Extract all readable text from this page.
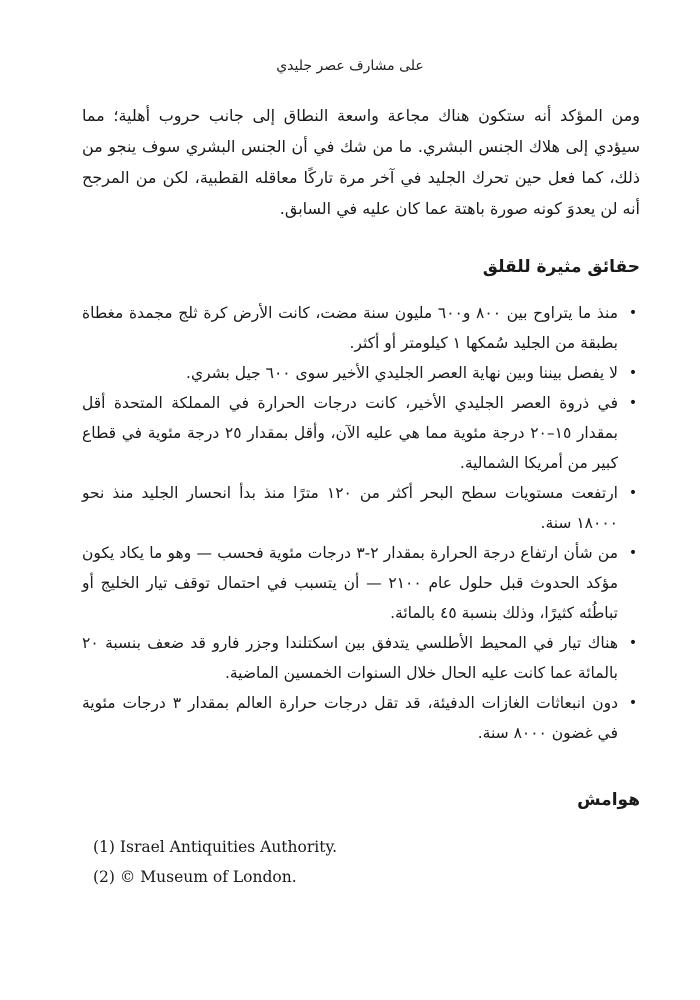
على مشارف عصر جليدي

ومن المؤكد أنه ستكون هناك مجاعة واسعة النطاق إلى جانب حروب أهلية؛ مما سيؤدي إلى هلاك الجنس البشري. ما من شك في أن الجنس البشري سوف ينجو من ذلك، كما فعل حين تحرك الجليد في آخر مرة تاركًا معاقله القطبية، لكن من المرجح أنه لن يعدوَ كونه صورة باهتة عما كان عليه في السابق.

حقائق مثيرة للقلق
•
منذ ما يتراوح بين ٨٠٠ و٦٠٠ مليون سنة مضت، كانت الأرض كرة ثلج مجمدة مغطاة بطبقة من الجليد سُمكها ١ كيلومتر أو أكثر.
•
لا يفصل بيننا وبين نهاية العصر الجليدي الأخير سوى ٦٠٠ جيل بشري.
•
في ذروة العصر الجليدي الأخير، كانت درجات الحرارة في المملكة المتحدة أقل بمقدار ١٥–٢٠ درجة مئوية مما هي عليه الآن، وأقل بمقدار ٢٥ درجة مئوية في قطاع كبير من أمريكا الشمالية.
•
ارتفعت مستويات سطح البحر أكثر من ١٢٠ مترًا منذ بدأ انحسار الجليد منذ نحو ١٨٠٠٠ سنة.
•
من شأن ارتفاع درجة الحرارة بمقدار ٢-٣ درجات مئوية فحسب — وهو ما يكاد يكون مؤكد الحدوث قبل حلول عام ٢١٠٠ — أن يتسبب في احتمال توقف تيار الخليج أو تباطُئه كثيرًا، وذلك بنسبة ٤٥ بالمائة.
•
هناك تيار في المحيط الأطلسي يتدفق بين اسكتلندا وجزر فارو قد ضعف بنسبة ٢٠ بالمائة عما كانت عليه الحال خلال السنوات الخمسين الماضية.
•
دون انبعاثات الغازات الدفيئة، قد تقل درجات حرارة العالم بمقدار ٣ درجات مئوية في غضون ٨٠٠٠ سنة.
هوامش
(1) Israel Antiquities Authority.
(2) © Museum of London.
